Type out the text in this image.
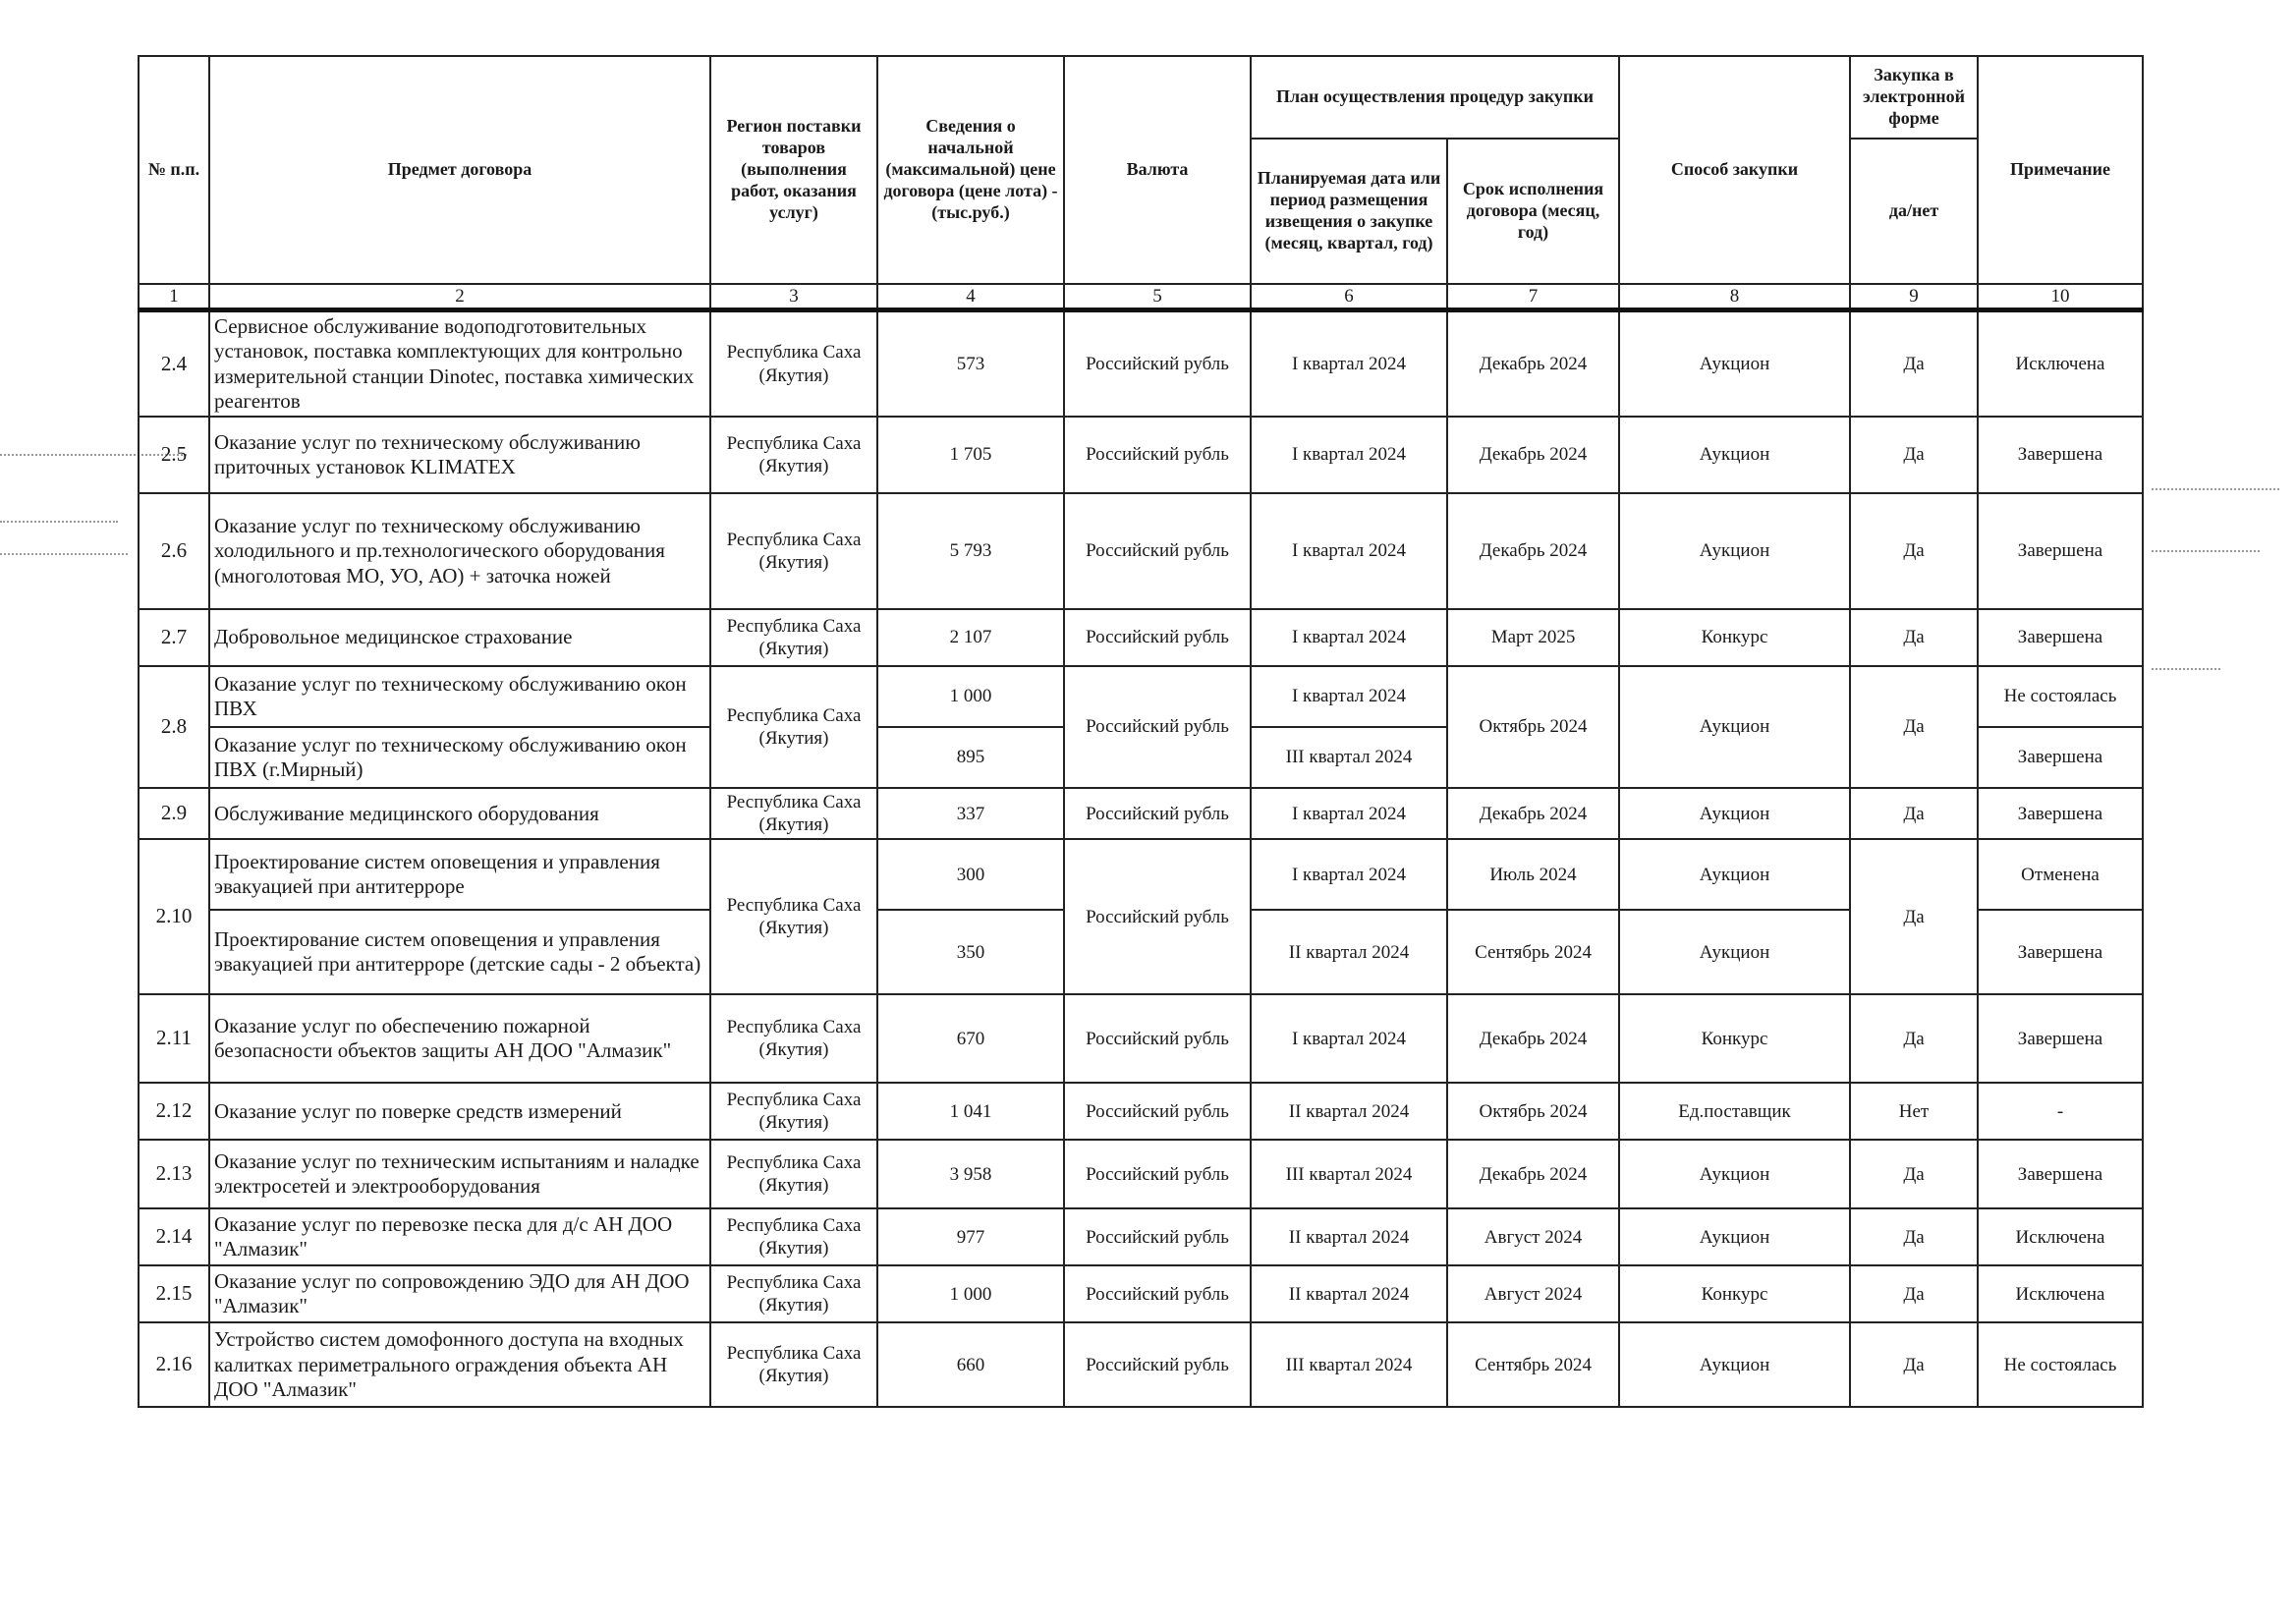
№ п.п.	Предмет договора	Регион поставки товаров (выполнения работ, оказания услуг)	Сведения о начальной (максимальной) цене договора (цене лота) - (тыс.руб.)	Валюта	План осуществления процедур закупки		Способ закупки	Закупка в электронной форме	Примечание
					Планируемая дата или период размещения извещения о закупке (месяц, квартал, год)	Срок исполнения договора (месяц, год)		да/нет	
1	2	3	4	5	6	7	8	9	10
2.4	Сервисное обслуживание водоподготовительных установок, поставка комплектующих для контрольно измерительной станции Dinotec, поставка химических реагентов	Республика Саха (Якутия)	573	Российский рубль	I квартал 2024	Декабрь 2024	Аукцион	Да	Исключена
2.5	Оказание услуг по техническому обслуживанию приточных установок KLIMATEX	Республика Саха (Якутия)	1 705	Российский рубль	I квартал 2024	Декабрь 2024	Аукцион	Да	Завершена
2.6	Оказание услуг по техническому обслуживанию холодильного и пр.технологического оборудования (многолотовая МО, УО, АО) + заточка ножей	Республика Саха (Якутия)	5 793	Российский рубль	I квартал 2024	Декабрь 2024	Аукцион	Да	Завершена
2.7	Добровольное медицинское страхование	Республика Саха (Якутия)	2 107	Российский рубль	I квартал 2024	Март 2025	Конкурс	Да	Завершена
2.8	Оказание услуг по техническому обслуживанию окон ПВХ	Республика Саха (Якутия)	1 000	Российский рубль	I квартал 2024	Октябрь 2024	Аукцион	Да	Не состоялась
	Оказание услуг по техническому обслуживанию окон ПВХ (г.Мирный)		895		III квартал 2024				Завершена
2.9	Обслуживание медицинского оборудования	Республика Саха (Якутия)	337	Российский рубль	I квартал 2024	Декабрь 2024	Аукцион	Да	Завершена
2.10	Проектирование систем оповещения и управления эвакуацией при антитерроре	Республика Саха (Якутия)	300	Российский рубль	I квартал 2024	Июль 2024	Аукцион	Да	Отменена
	Проектирование систем оповещения и управления эвакуацией при антитерроре (детские сады - 2 объекта)		350		II квартал 2024	Сентябрь 2024	Аукцион		Завершена
2.11	Оказание услуг по обеспечению пожарной безопасности объектов защиты АН ДОО "Алмазик"	Республика Саха (Якутия)	670	Российский рубль	I квартал 2024	Декабрь 2024	Конкурс	Да	Завершена
2.12	Оказание услуг по поверке средств измерений	Республика Саха (Якутия)	1 041	Российский рубль	II квартал 2024	Октябрь 2024	Ед.поставщик	Нет	-
2.13	Оказание услуг по техническим испытаниям и наладке электросетей и электрооборудования	Республика Саха (Якутия)	3 958	Российский рубль	III квартал 2024	Декабрь 2024	Аукцион	Да	Завершена
2.14	Оказание услуг по перевозке песка для д/с АН ДОО "Алмазик"	Республика Саха (Якутия)	977	Российский рубль	II квартал 2024	Август 2024	Аукцион	Да	Исключена
2.15	Оказание услуг по сопровождению ЭДО для АН ДОО "Алмазик"	Республика Саха (Якутия)	1 000	Российский рубль	II квартал 2024	Август 2024	Конкурс	Да	Исключена
2.16	Устройство систем домофонного доступа на входных калитках периметрального ограждения объекта АН ДОО "Алмазик"	Республика Саха (Якутия)	660	Российский рубль	III квартал 2024	Сентябрь 2024	Аукцион	Да	Не состоялась
